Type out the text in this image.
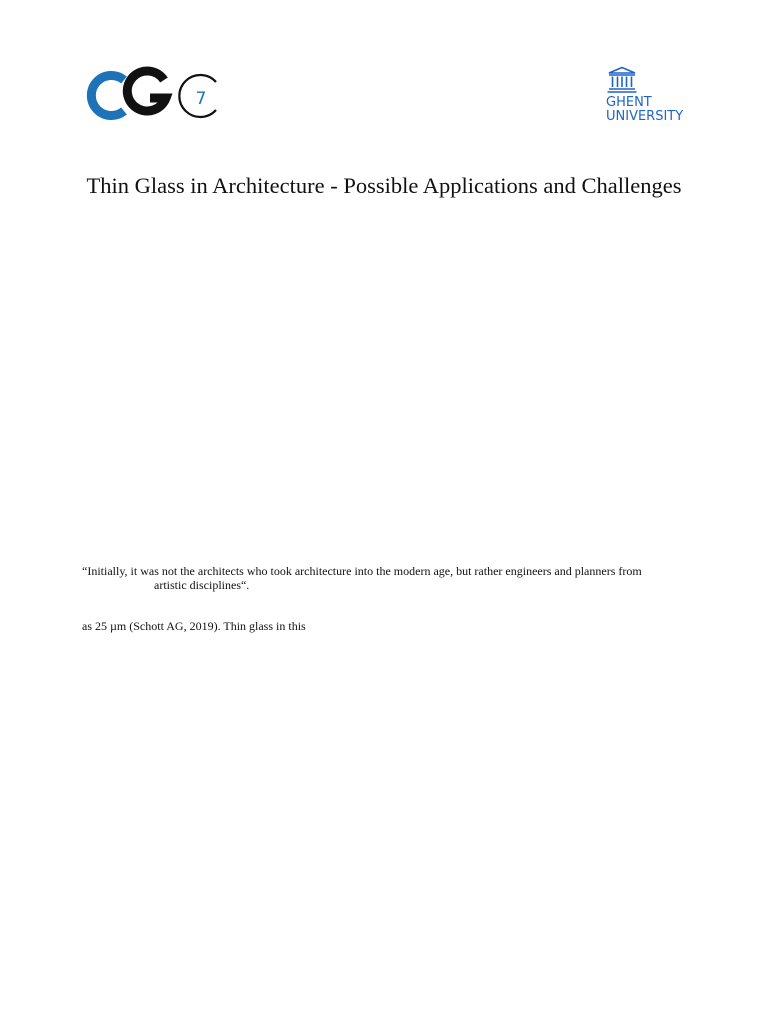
7	GHENT
UNIVERSITY
Thin Glass in Architecture - Possible Applications and Challenges
“Initially, it was not the architects who took architecture into the modern age, but rather engineers and planners from
artistic disciplines“.
as 25 µm (Schott AG, 2019). Thin glass in this
